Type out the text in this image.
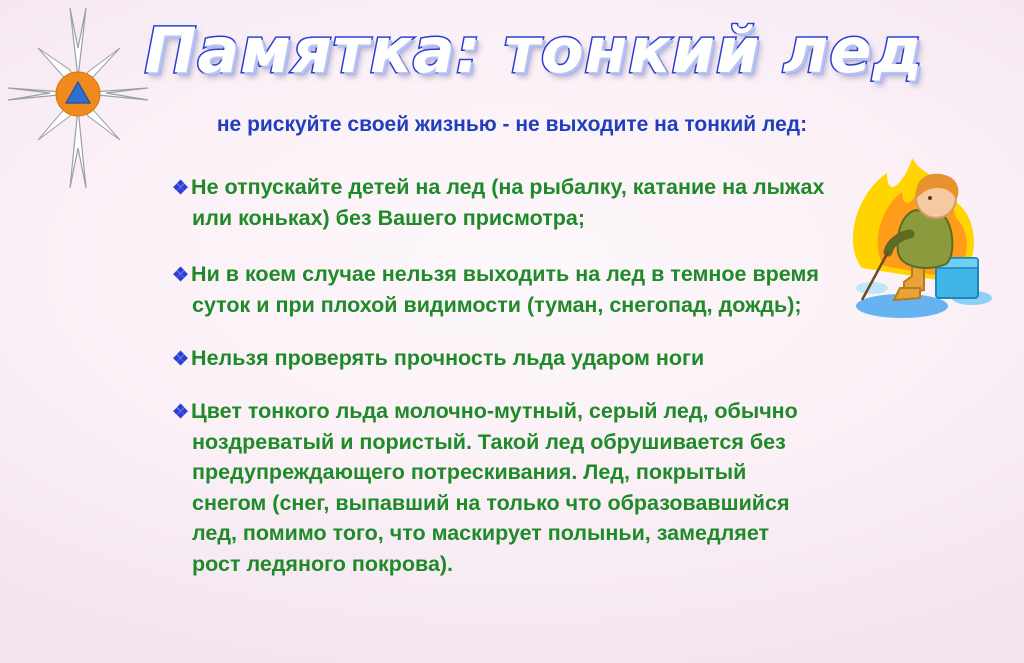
Памятка: тонкий лед
не рискуйте своей жизнью - не выходите на тонкий лед:

❖Не отпускайте детей на лед (на рыбалку, катание на лыжах или коньках) без Вашего присмотра;

❖Ни в коем случае нельзя выходить на лед в темное время суток и при плохой видимости (туман, снегопад, дождь);

❖Нельзя проверять прочность льда ударом ноги

❖Цвет тонкого льда молочно-мутный, серый лед, обычно ноздреватый и пористый. Такой лед обрушивается без предупреждающего потрескивания. Лед, покрытый снегом (снег, выпавший на только что образовавшийся лед, помимо того, что маскирует полыньи, замедляет рост ледяного покрова).
